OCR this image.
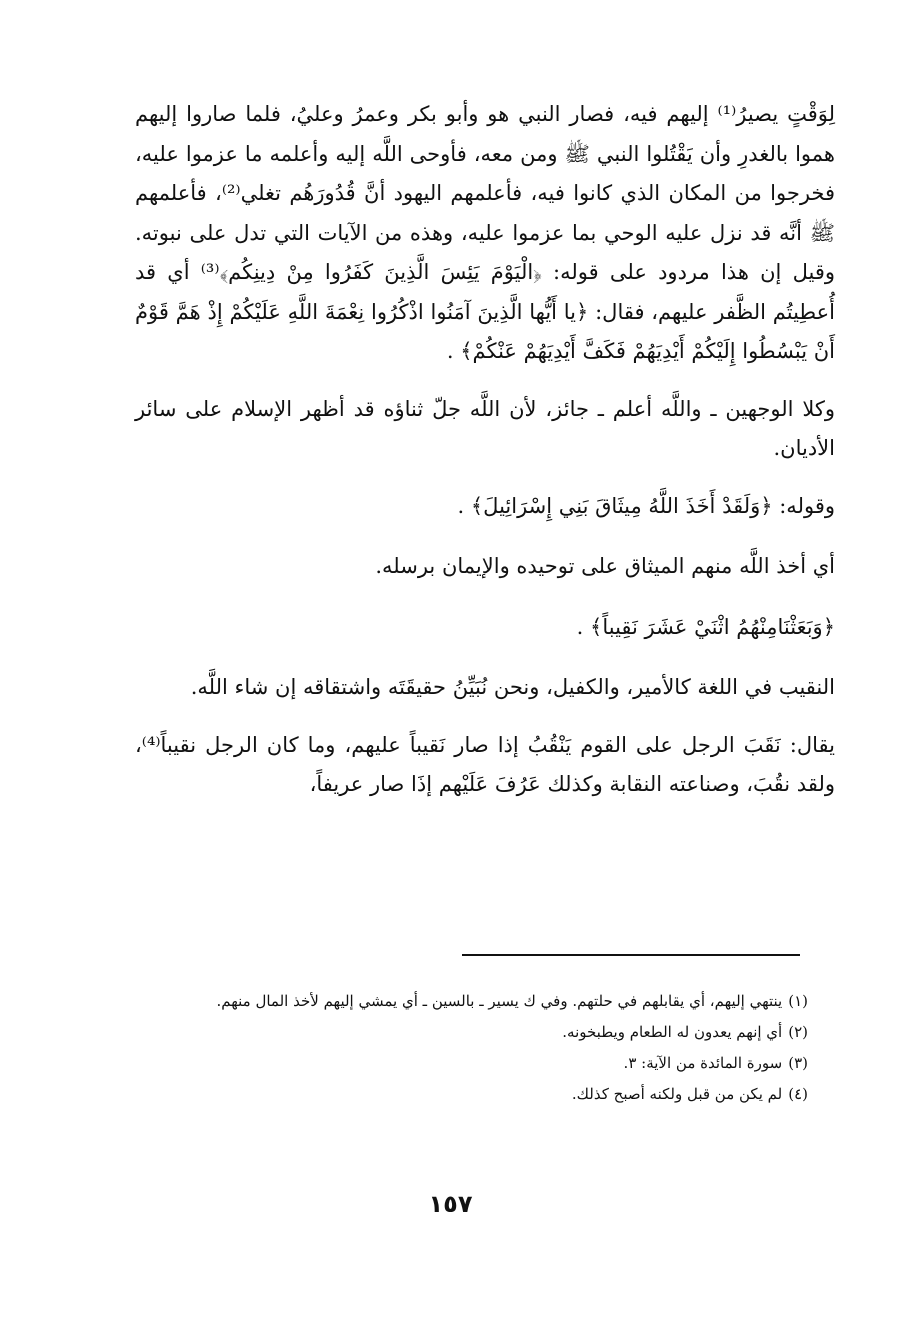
لِوَقْتٍ يصيرُ⁽¹⁾ إليهم فيه، فصار النبي هو وأبو بكر وعمرُ وعليُ، فلما صاروا إليهم هموا بالغدرِ وأن يَقْتُلوا النبي ﷺ ومن معه، فأوحى اللَّه إليه وأعلمه ما عزموا عليه، فخرجوا من المكان الذي كانوا فيه، فأعلمهم اليهود أنَّ قُدُورَهُم تغلي⁽²⁾، فأعلمهم ﷺ أنَّه قد نزل عليه الوحي بما عزموا عليه، وهذه من الآيات التي تدل على نبوته. وقيل إن هذا مردود على قوله: ﴿الْيَوْمَ يَئِسَ الَّذِينَ كَفَرُوا مِنْ دِينِكُم﴾⁽³⁾ أي قد أُعطِيتُم الظَّفر عليهم، فقال: ﴿يا أَيُّها الَّذِينَ آمَنُوا اذْكُرُوا نِعْمَةَ اللَّهِ عَلَيْكُمْ إِذْ هَمَّ قَوْمٌ أَنْ يَبْسُطُوا إِلَيْكُمْ أَيْدِيَهُمْ فَكَفَّ أَيْدِيَهُمْ عَنْكُمْ﴾ .

وكلا الوجهين ـ واللَّه أعلم ـ جائز، لأن اللَّه جلّ ثناؤه قد أظهر الإسلام على سائر الأديان.

وقوله: ﴿وَلَقَدْ أَخَذَ اللَّهُ مِيثَاقَ بَنِي إِسْرَائِيلَ﴾ .

أي أخذ اللَّه منهم الميثاق على توحيده والإيمان برسله.

﴿وَبَعَثْنَامِنْهُمُ اثْنَيْ عَشَرَ نَقِيباً﴾ .

النقيب في اللغة كالأمير، والكفيل، ونحن نُبَيِّنُ حقيقَتَه واشتقاقه إن شاء اللَّه.

يقال: نَقَبَ الرجل على القوم يَنْقُبُ إذا صار نَقيباً عليهم، وما كان الرجل نقيباً⁽⁴⁾، ولقد نقُبَ، وصناعته النقابة وكذلك عَرُفَ عَلَيْهم إذَا صار عريفاً،

(١)ينتهي إليهم، أي يقابلهم في حلتهم. وفي ك يسير ـ بالسين ـ أي يمشي إليهم لأخذ المال منهم.

(٢)أي إنهم يعدون له الطعام ويطبخونه.

(٣)سورة المائدة من الآية: ٣.

(٤)لم يكن من قبل ولكنه أصبح كذلك.

١٥٧
